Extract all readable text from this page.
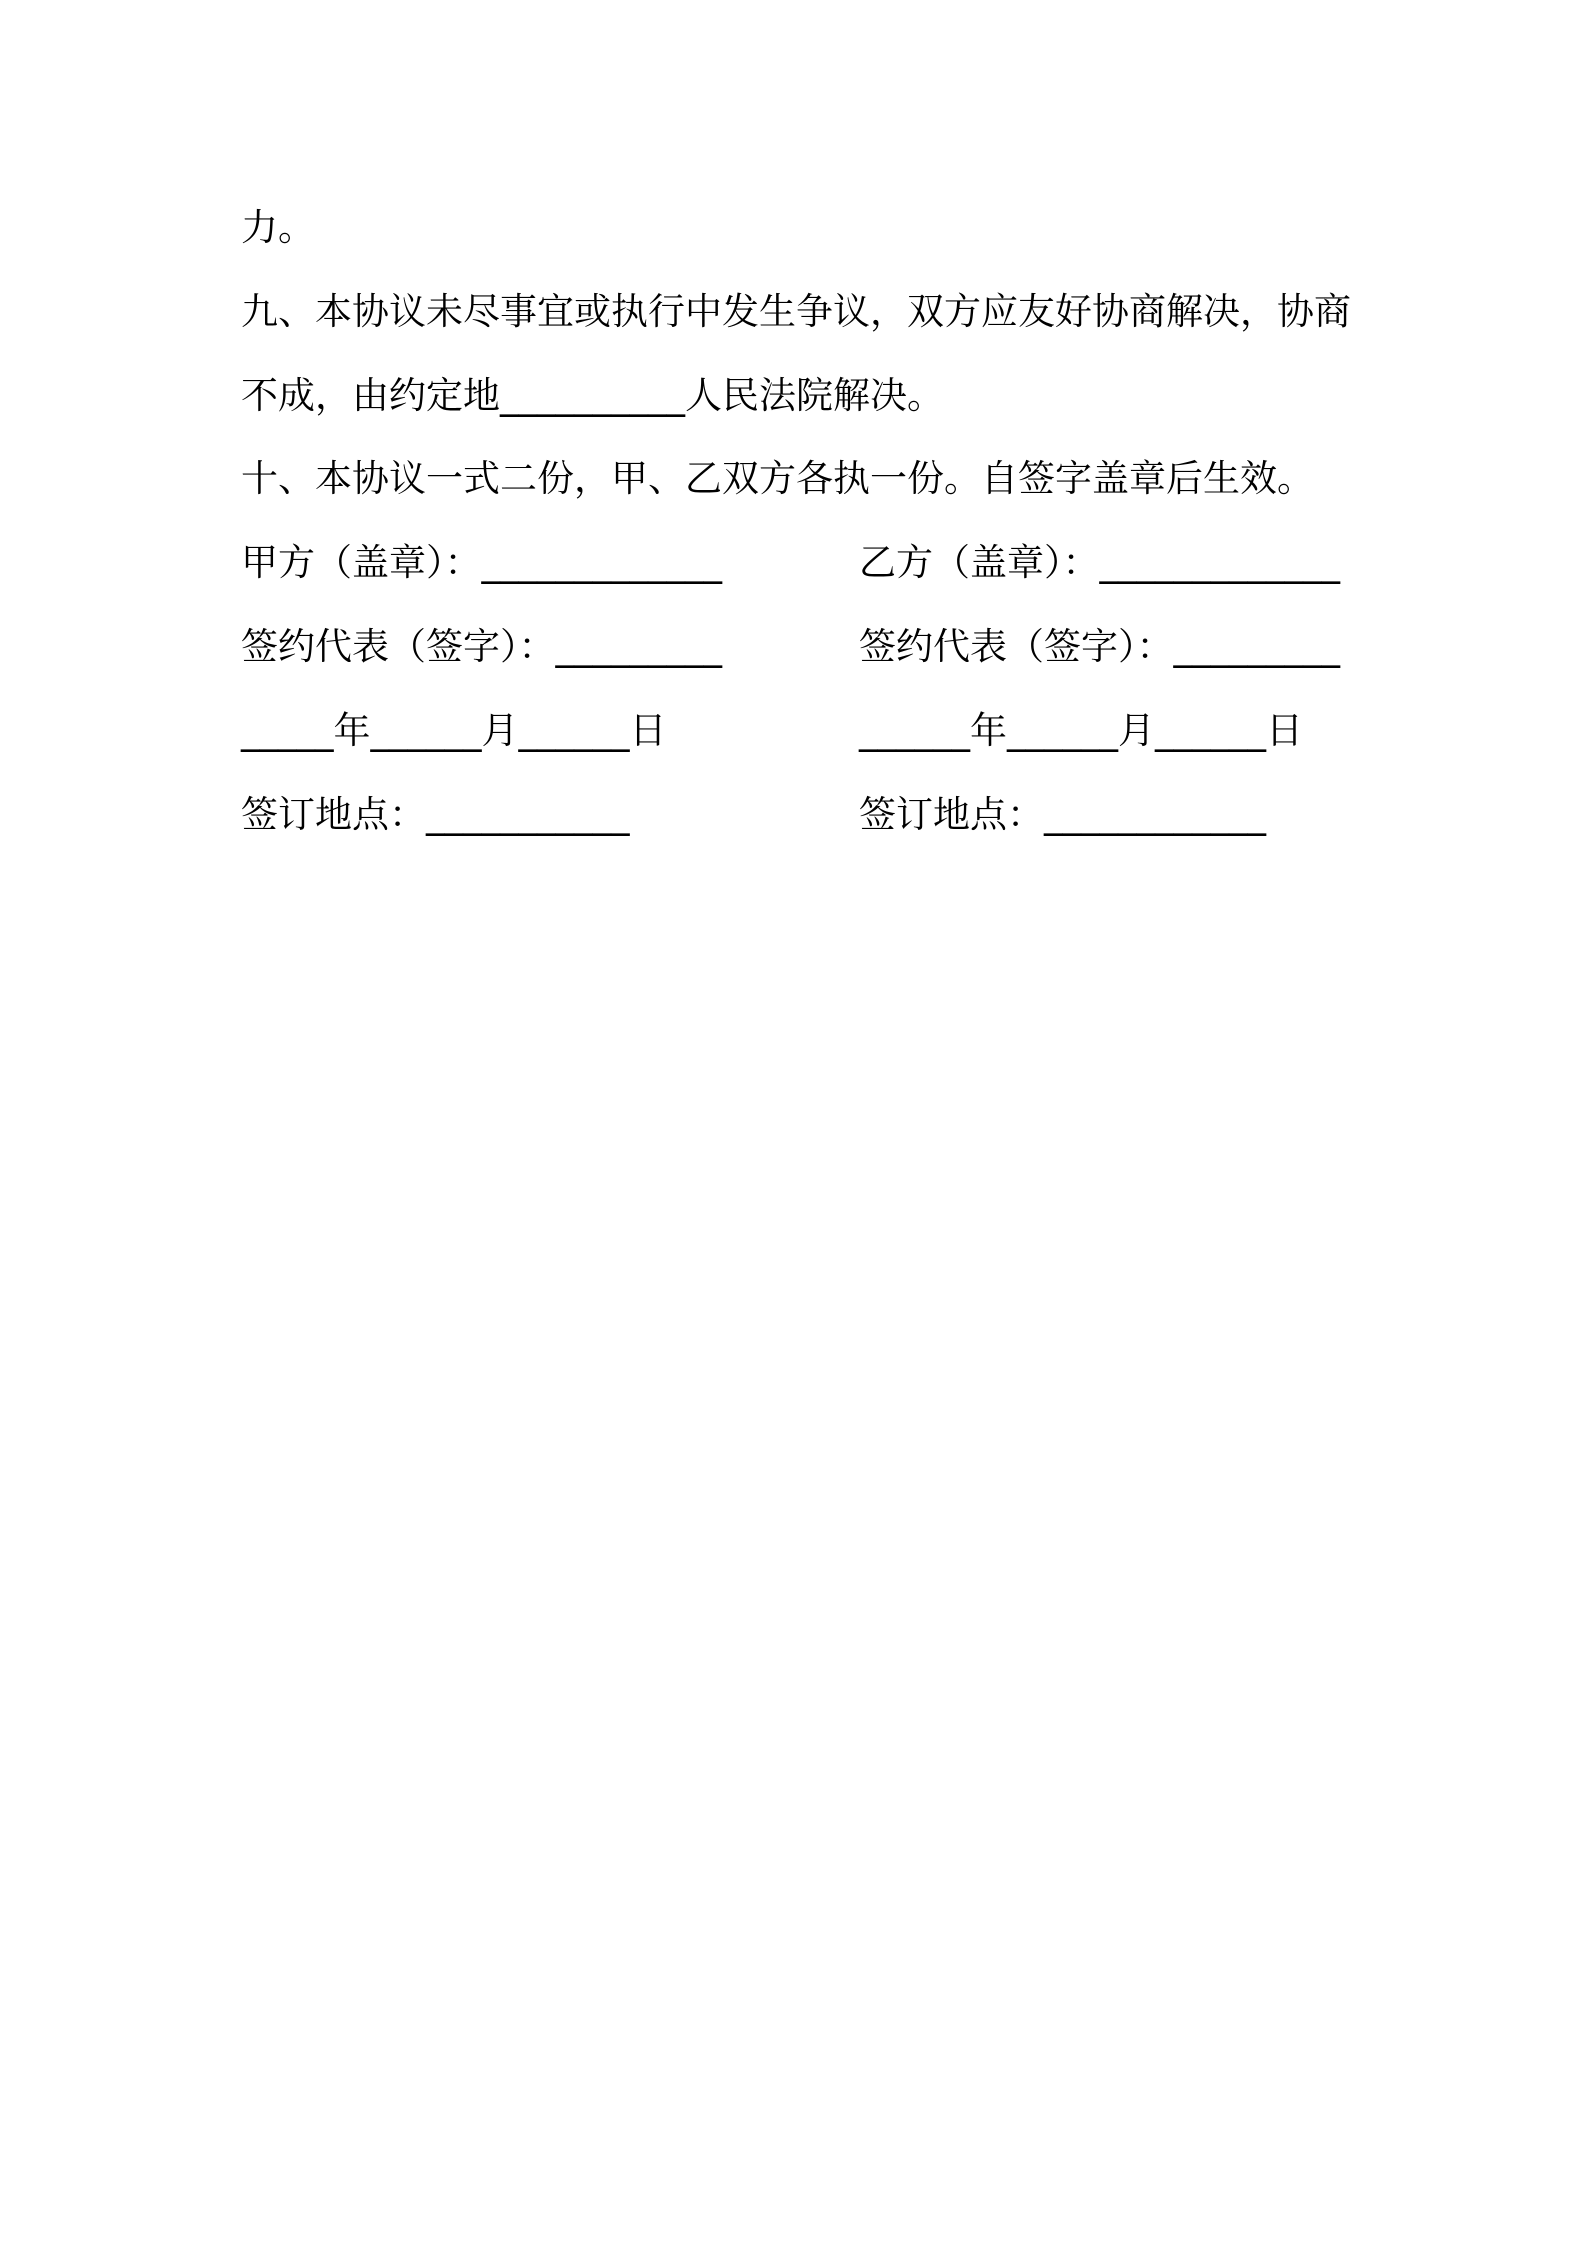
力。
九、本协议未尽事宜或执行中发生争议，双方应友好协商解决，协商
不成，由约定地__________人民法院解决。
十、本协议一式二份，甲、乙双方各执一份。自签字盖章后生效。
甲方（盖章）：_____________	乙方（盖章）：_____________
签约代表（签字）：_________	签约代表（签字）：_________
_____年______月______日	______年______月______日
签订地点：___________	签订地点：____________
